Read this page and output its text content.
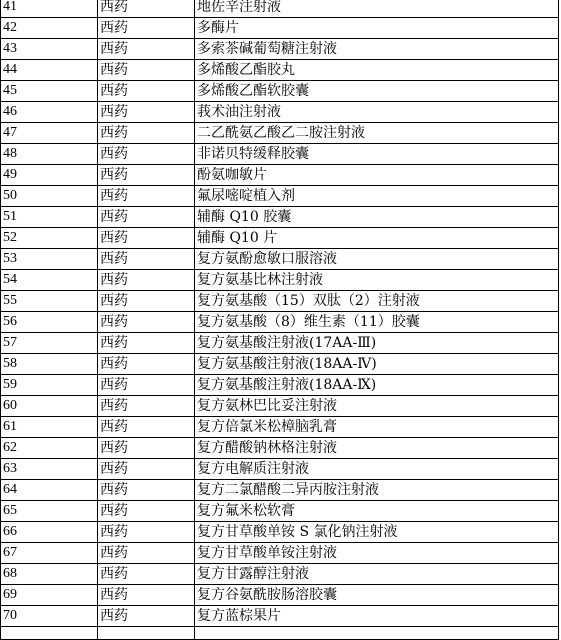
41	西药	地佐辛注射液
42	西药	多酶片
43	西药	多索茶碱葡萄糖注射液
44	西药	多烯酸乙酯胶丸
45	西药	多烯酸乙酯软胶囊
46	西药	莪术油注射液
47	西药	二乙酰氨乙酸乙二胺注射液
48	西药	非诺贝特缓释胶囊
49	西药	酚氨咖敏片
50	西药	氟尿嘧啶植入剂
51	西药	辅酶 Q10 胶囊
52	西药	辅酶 Q10 片
53	西药	复方氨酚愈敏口服溶液
54	西药	复方氨基比林注射液
55	西药	复方氨基酸（15）双肽（2）注射液
56	西药	复方氨基酸（8）维生素（11）胶囊
57	西药	复方氨基酸注射液(17AA-Ⅲ)
58	西药	复方氨基酸注射液(18AA-Ⅳ)
59	西药	复方氨基酸注射液(18AA-Ⅸ)
60	西药	复方氨林巴比妥注射液
61	西药	复方倍氯米松樟脑乳膏
62	西药	复方醋酸钠林格注射液
63	西药	复方电解质注射液
64	西药	复方二氯醋酸二异丙胺注射液
65	西药	复方氟米松软膏
66	西药	复方甘草酸单铵 S 氯化钠注射液
67	西药	复方甘草酸单铵注射液
68	西药	复方甘露醇注射液
69	西药	复方谷氨酰胺肠溶胶囊
70	西药	复方蓝棕果片
